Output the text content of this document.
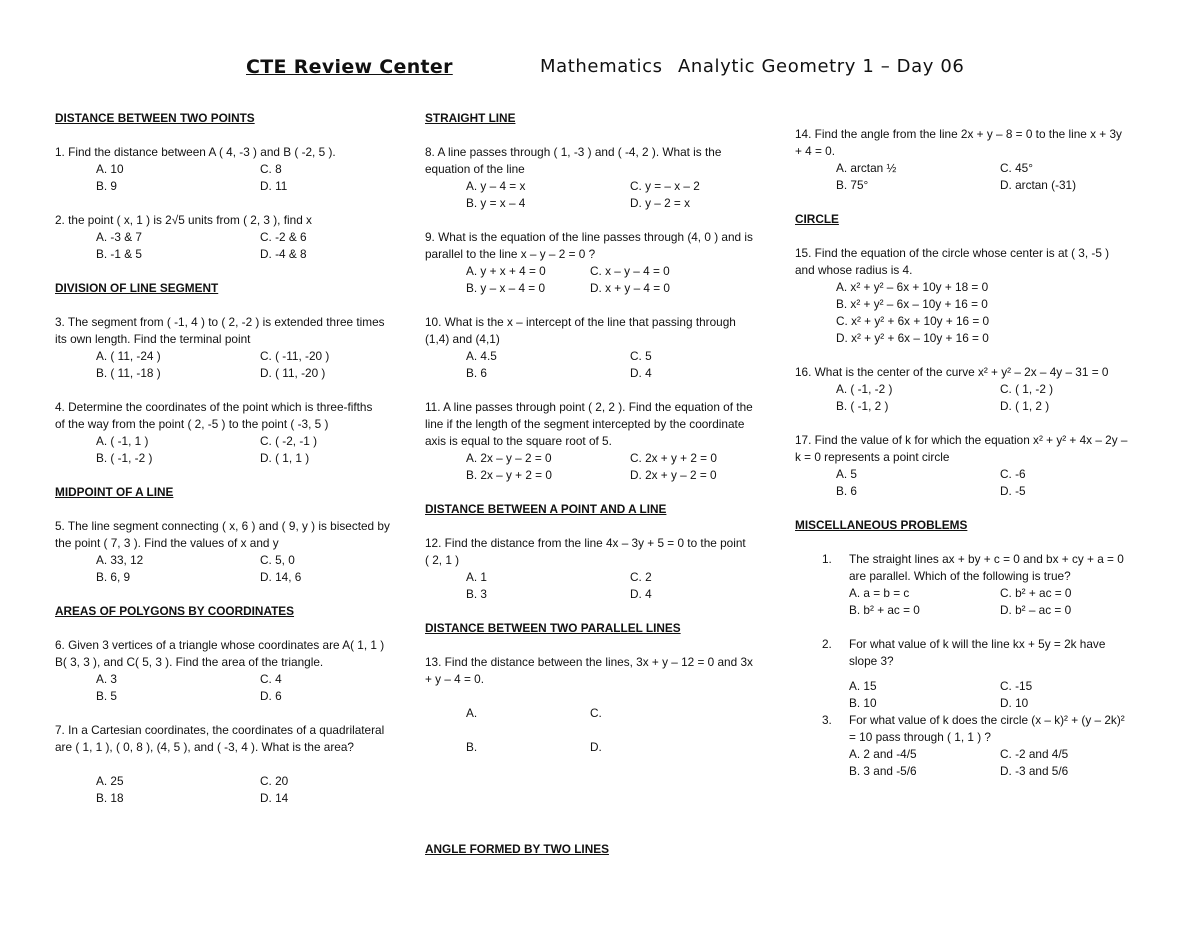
CTE Review Center	Mathematics Analytic Geometry 1 – Day 06

DISTANCE BETWEEN TWO POINTS

1. Find the distance between A ( 4, -3 ) and B ( -2, 5 ).

A. 10	C. 8
B. 9	D. 11

2. the point ( x, 1 ) is 2√5 units from ( 2, 3 ), find x

A. -3 & 7	C. -2 & 6
B. -1 & 5	D. -4 & 8

DIVISION OF LINE SEGMENT

3. The segment from ( -1, 4 ) to ( 2, -2 ) is extended three times

its own length. Find the terminal point

A. ( 11, -24 )	C. ( -11, -20 )
B. ( 11, -18 )	D. ( 11, -20 )

4. Determine the coordinates of the point which is three-fifths

of the way from the point ( 2, -5 ) to the point ( -3, 5 )

A. ( -1, 1 )	C. ( -2, -1 )
B. ( -1, -2 )	D. ( 1, 1 )

MIDPOINT OF A LINE

5. The line segment connecting ( x, 6 ) and ( 9, y ) is bisected by

the point ( 7, 3 ). Find the values of x and y

A. 33, 12	C. 5, 0
B. 6, 9	D. 14, 6

AREAS OF POLYGONS BY COORDINATES

6. Given 3 vertices of a triangle whose coordinates are A( 1, 1 )

B( 3, 3 ), and C( 5, 3 ). Find the area of the triangle.

A. 3	C. 4
B. 5	D. 6

7. In a Cartesian coordinates, the coordinates of a quadrilateral

are ( 1, 1 ), ( 0, 8 ), (4, 5 ), and ( -3, 4 ). What is the area?

A. 25	C. 20
B. 18	D. 14

STRAIGHT LINE

8. A line passes through ( 1, -3 ) and ( -4, 2 ). What is the

equation of the line

A. y – 4 = x	C. y = – x – 2
B. y = x – 4	D. y – 2 = x

9. What is the equation of the line passes through (4, 0 ) and is

parallel to the line x – y – 2 = 0 ?

A. y + x + 4 = 0	C. x – y – 4 = 0
B. y – x – 4 = 0	D. x + y – 4 = 0

10. What is the x – intercept of the line that passing through

(1,4) and (4,1)

A. 4.5	C. 5
B. 6	D. 4

11. A line passes through point ( 2, 2 ). Find the equation of the

line if the length of the segment intercepted by the coordinate

axis is equal to the square root of 5.

A. 2x – y – 2 = 0	C. 2x + y + 2 = 0
B. 2x – y + 2 = 0	D. 2x + y – 2 = 0

DISTANCE BETWEEN A POINT AND A LINE

12. Find the distance from the line 4x – 3y + 5 = 0 to the point

( 2, 1 )

A. 1	C. 2
B. 3	D. 4

DISTANCE BETWEEN TWO PARALLEL LINES

13. Find the distance between the lines, 3x + y – 12 = 0 and 3x

+ y – 4 = 0.

A.	C.
B.	D.

ANGLE FORMED BY TWO LINES

14. Find the angle from the line 2x + y – 8 = 0 to the line x + 3y

+ 4 = 0.

A. arctan ½	C. 45°
B. 75°	D. arctan (-31)

CIRCLE

15. Find the equation of the circle whose center is at ( 3, -5 )

and whose radius is 4.

A. x² + y² – 6x + 10y + 18 = 0
B. x² + y² – 6x – 10y + 16 = 0
C. x² + y² + 6x + 10y + 16 = 0
D. x² + y² + 6x – 10y + 16 = 0

16. What is the center of the curve x² + y² – 2x – 4y – 31 = 0

A. ( -1, -2 )	C. ( 1, -2 )
B. ( -1, 2 )	D. ( 1, 2 )

17. Find the value of k for which the equation x² + y² + 4x – 2y –

k = 0 represents a point circle

A. 5	C. -6
B. 6	D. -5

MISCELLANEOUS PROBLEMS

1. The straight lines ax + by + c = 0 and bx + cy + a = 0

are parallel. Which of the following is true?

A. a = b = c	C. b² + ac = 0
B. b² + ac = 0	D. b² – ac = 0
2. For what value of k will the line kx + 5y = 2k have

slope 3?

A. 15	C. -15
B. 10	D. 10
3. For what value of k does the circle (x – k)² + (y – 2k)²

= 10 pass through ( 1, 1 ) ?

A. 2 and -4/5	C. -2 and 4/5
B. 3 and -5/6	D. -3 and 5/6
